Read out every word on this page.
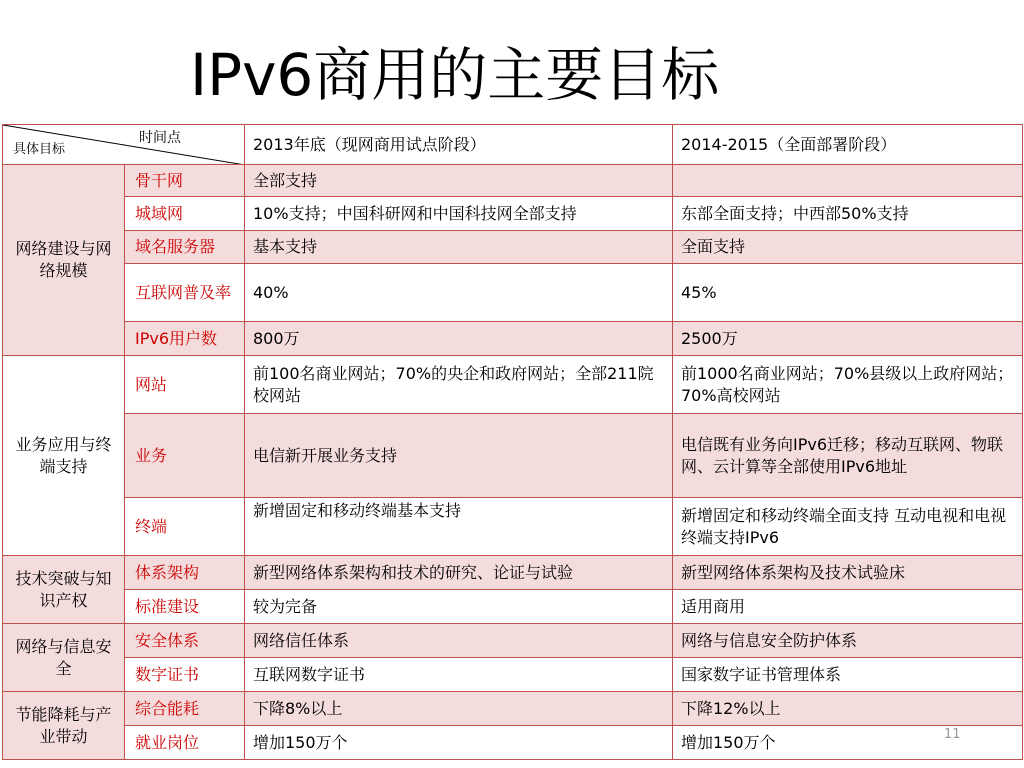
IPv6商用的主要目标
时间点
具体目标		2013年底（现网商用试点阶段）	2014-2015（全面部署阶段）
网络建设与网络规模	骨干网	全部支持	
	城域网	10%支持；中国科研网和中国科技网全部支持	东部全面支持；中西部50%支持
	域名服务器	基本支持	全面支持
	互联网普及率	40%	45%
	IPv6用户数	800万	2500万
业务应用与终端支持	网站	前100名商业网站；70%的央企和政府网站；全部211院校网站	前1000名商业网站；70%县级以上政府网站；70%高校网站
	业务	电信新开展业务支持	电信既有业务向IPv6迁移；移动互联网、物联网、云计算等全部使用IPv6地址
	终端	新增固定和移动终端基本支持	新增固定和移动终端全面支持 互动电视和电视终端支持IPv6
技术突破与知识产权	体系架构	新型网络体系架构和技术的研究、论证与试验	新型网络体系架构及技术试验床
	标准建设	较为完备	适用商用
网络与信息安全	安全体系	网络信任体系	网络与信息安全防护体系
	数字证书	互联网数字证书	国家数字证书管理体系
节能降耗与产业带动	综合能耗	下降8%以上	下降12%以上
	就业岗位	增加150万个	增加150万个	11
